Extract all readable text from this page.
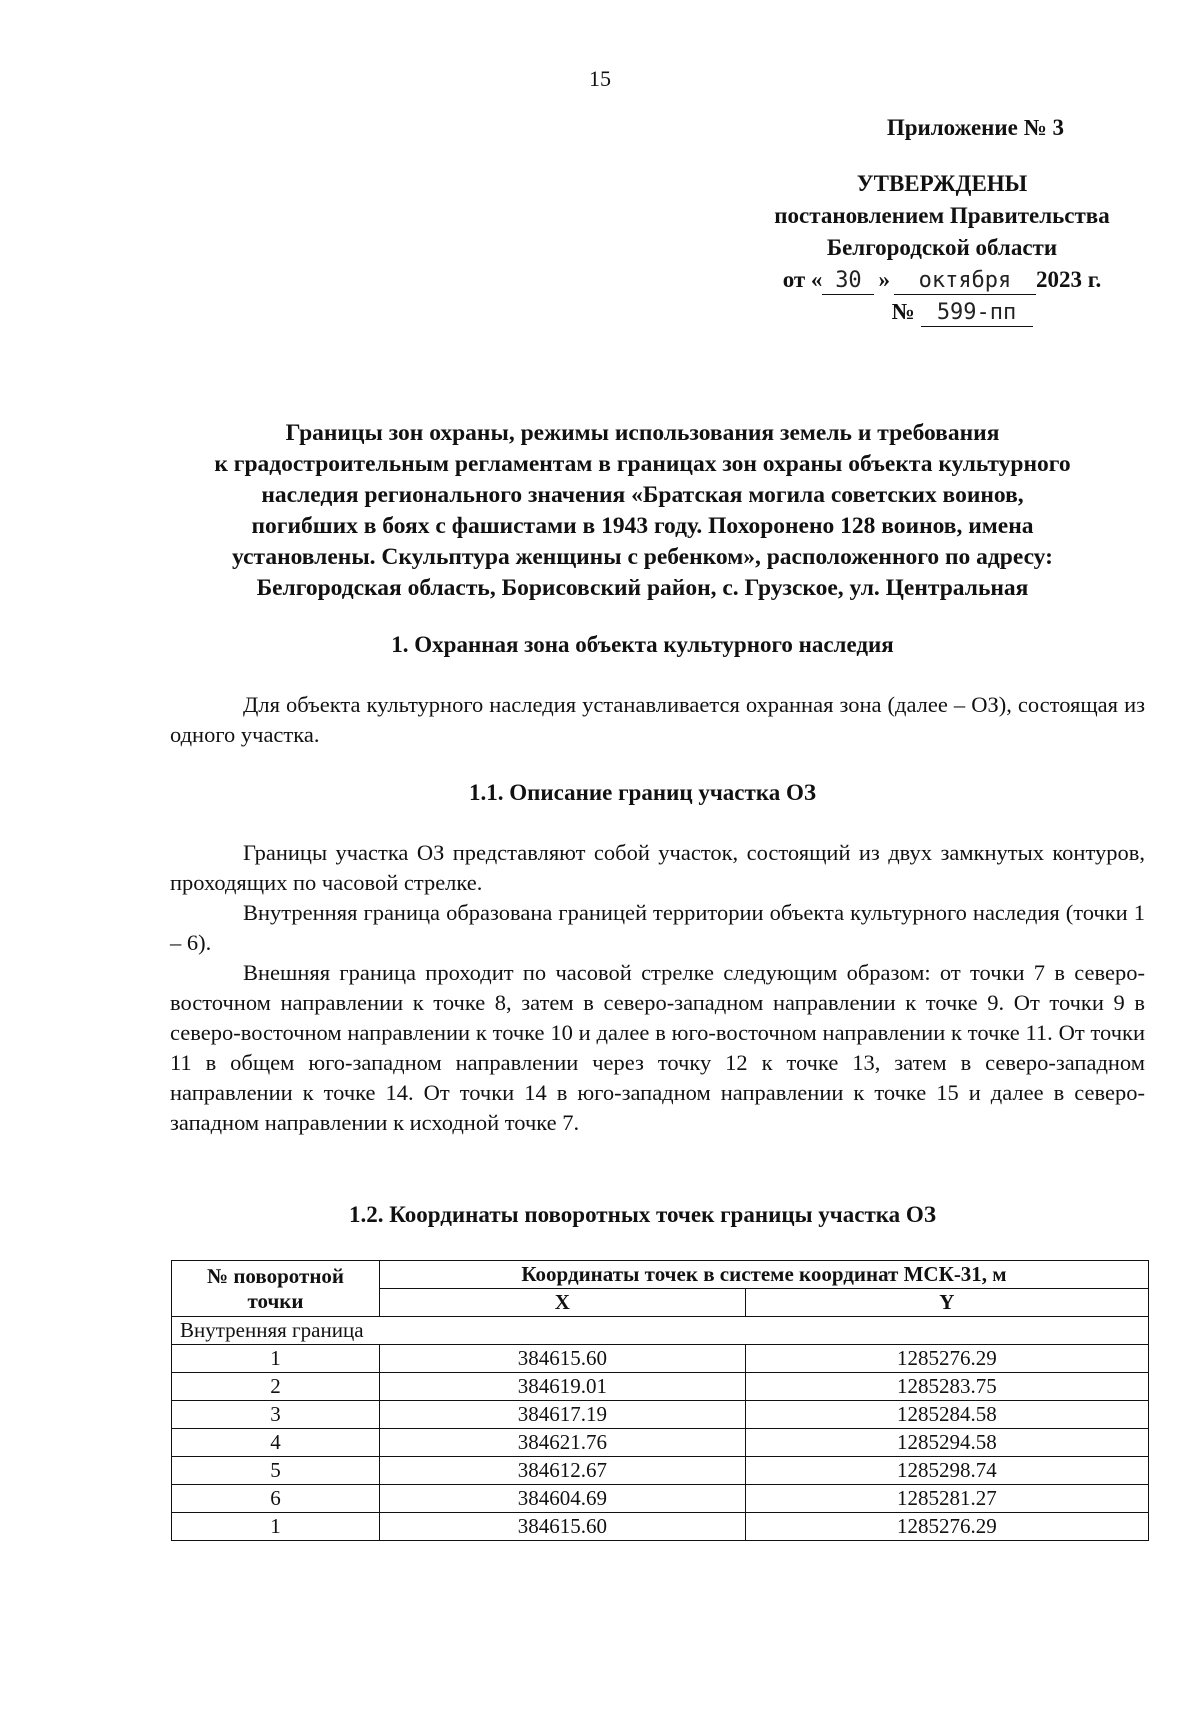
15
Приложение № 3
УТВЕРЖДЕНЫ
постановлением Правительства
Белгородской области
от « 30 »	октября	2023 г.
№	599-пп
Границы зон охраны, режимы использования земель и требования
к градостроительным регламентам в границах зон охраны объекта культурного
наследия регионального значения «Братская могила советских воинов,
погибших в боях с фашистами в 1943 году. Похоронено 128 воинов, имена
установлены. Скульптура женщины с ребенком», расположенного по адресу:
Белгородская область, Борисовский район, с. Грузское, ул. Центральная
1. Охранная зона объекта культурного наследия

Для объекта культурного наследия устанавливается охранная зона (далее – ОЗ), состоящая из одного участка.

1.1. Описание границ участка ОЗ

Границы участка ОЗ представляют собой участок, состоящий из двух замкнутых контуров, проходящих по часовой стрелке.

Внутренняя граница образована границей территории объекта культурного наследия (точки 1 – 6).

Внешняя граница проходит по часовой стрелке следующим образом: от точки 7 в северо-восточном направлении к точке 8, затем в северо-западном направлении к точке 9. От точки 9 в северо-восточном направлении к точке 10 и далее в юго-восточном направлении к точке 11. От точки 11 в общем юго-западном направлении через точку 12 к точке 13, затем в северо-западном направлении к точке 14. От точки 14 в юго-западном направлении к точке 15 и далее в северо-западном направлении к исходной точке 7.

1.2. Координаты поворотных точек границы участка ОЗ
№ поворотной
точки	Координаты точек в системе координат МСК-31, м	
	X	Y
Внутренняя граница		
1	384615.60	1285276.29
2	384619.01	1285283.75
3	384617.19	1285284.58
4	384621.76	1285294.58
5	384612.67	1285298.74
6	384604.69	1285281.27
1	384615.60	1285276.29
